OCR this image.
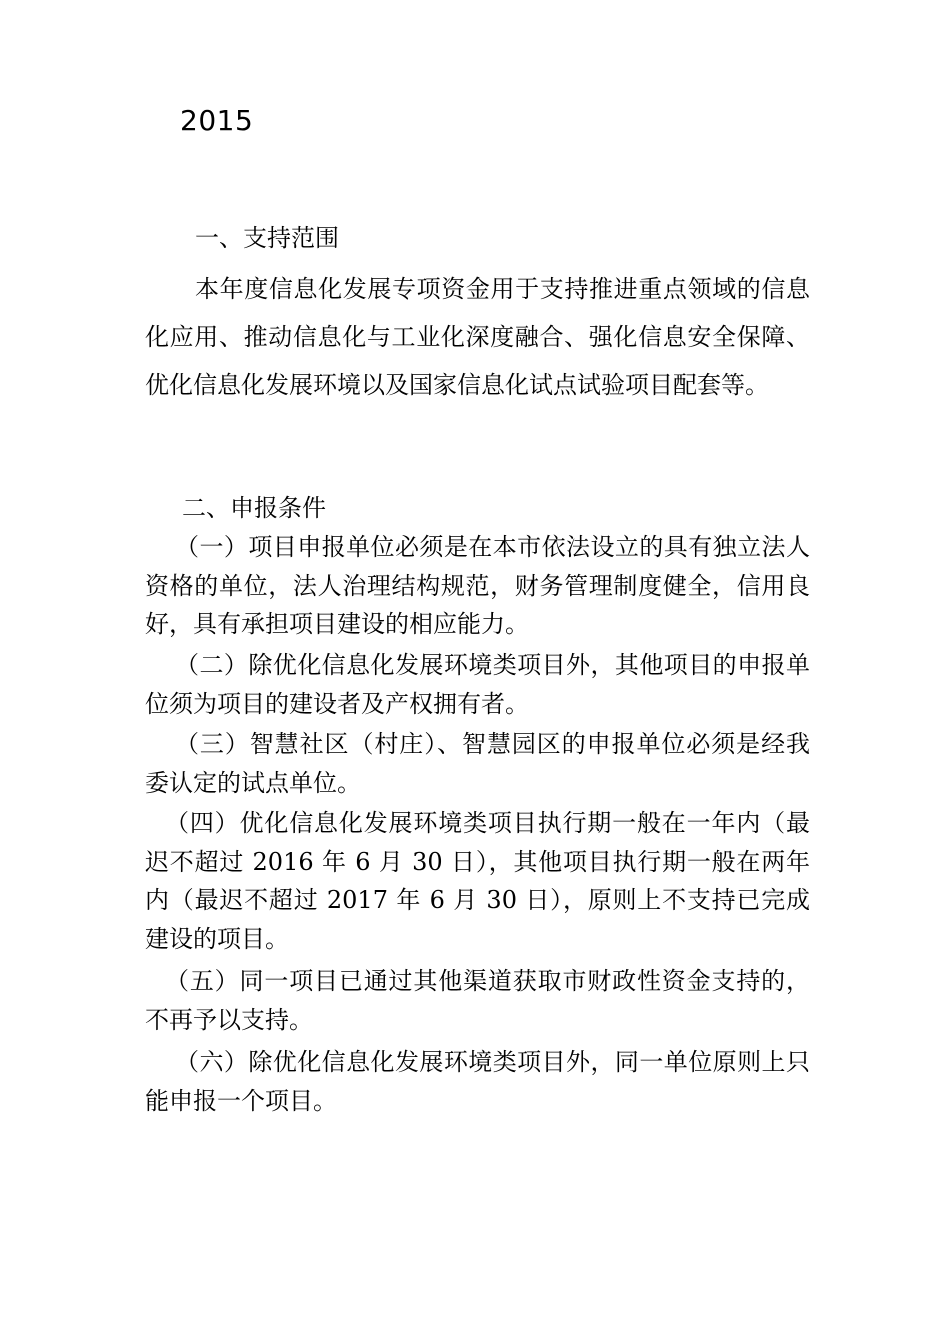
2015
一、支持范围
本年度信息化发展专项资金用于支持推进重点领域的信息化应用、推动信息化与工业化深度融合、强化信息安全保障、优化信息化发展环境以及国家信息化试点试验项目配套等。
二、申报条件
（一）项目申报单位必须是在本市依法设立的具有独立法人资格的单位，法人治理结构规范，财务管理制度健全，信用良好，具有承担项目建设的相应能力。
（二）除优化信息化发展环境类项目外，其他项目的申报单位须为项目的建设者及产权拥有者。
（三）智慧社区（村庄）、智慧园区的申报单位必须是经我委认定的试点单位。
（四）优化信息化发展环境类项目执行期一般在一年内（最迟不超过 2016 年 6 月 30 日），其他项目执行期一般在两年内（最迟不超过 2017 年 6 月 30 日），原则上不支持已完成建设的项目。
（五）同一项目已通过其他渠道获取市财政性资金支持的，不再予以支持。
（六）除优化信息化发展环境类项目外，同一单位原则上只能申报一个项目。
